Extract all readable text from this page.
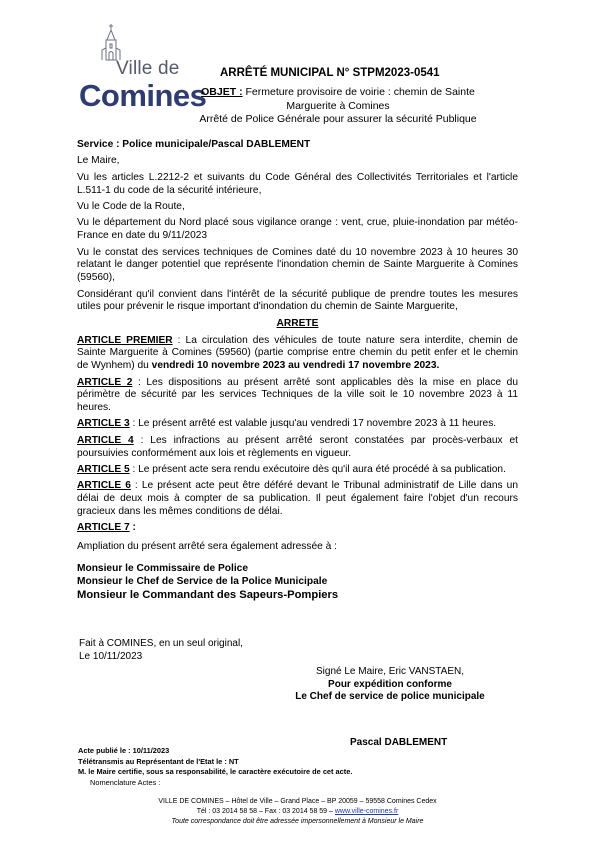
Ville de
Comines
ARRÊTÉ MUNICIPAL N° STPM2023-0541
OBJET : Fermeture provisoire de voirie : chemin de Sainte
Marguerite à Comines
Arrêté de Police Générale pour assurer la sécurité Publique

Service : Police municipale/Pascal DABLEMENT

Le Maire,

Vu les articles L.2212-2 et suivants du Code Général des Collectivités Territoriales et l'article L.511-1 du code de la sécurité intérieure,

Vu le Code de la Route,

Vu le département du Nord placé sous vigilance orange : vent, crue, pluie-inondation par météo-France en date du 9/11/2023

Vu le constat des services techniques de Comines daté du 10 novembre 2023 à 10 heures 30 relatant le danger potentiel que représente l'inondation chemin de Sainte Marguerite à Comines (59560),

Considérant qu'il convient dans l'intérêt de la sécurité publique de prendre toutes les mesures utiles pour prévenir le risque important d'inondation du chemin de Sainte Marguerite,

ARRETE

ARTICLE PREMIER : La circulation des véhicules de toute nature sera interdite, chemin de Sainte Marguerite à Comines (59560) (partie comprise entre chemin du petit enfer et le chemin de Wynhem) du vendredi 10 novembre 2023 au vendredi 17 novembre 2023.

ARTICLE 2 : Les dispositions au présent arrêté sont applicables dès la mise en place du périmètre de sécurité par les services Techniques de la ville soit le 10 novembre 2023 à 11 heures.

ARTICLE 3 : Le présent arrêté est valable jusqu'au vendredi 17 novembre 2023 à 11 heures.

ARTICLE 4 : Les infractions au présent arrêté seront constatées par procès-verbaux et poursuivies conformément aux lois et règlements en vigueur.

ARTICLE 5 : Le présent acte sera rendu exécutoire dès qu'il aura été procédé à sa publication.

ARTICLE 6 : Le présent acte peut être déféré devant le Tribunal administratif de Lille dans un délai de deux mois à compter de sa publication. Il peut également faire l'objet d'un recours gracieux dans les mêmes conditions de délai.

ARTICLE 7 :

Ampliation du présent arrêté sera également adressée à :

Monsieur le Commissaire de Police
Monsieur le Chef de Service de la Police Municipale
Monsieur le Commandant des Sapeurs-Pompiers
Fait à COMINES, en un seul original,
Le 10/11/2023
Signé Le Maire, Eric VANSTAEN,
Pour expédition conforme
Le Chef de service de police municipale
Pascal DABLEMENT
Acte publié le : 10/11/2023
Télétransmis au Représentant de l'Etat le : NT
M. le Maire certifie, sous sa responsabilité, le caractère exécutoire de cet acte.
Nomenclature Actes :
VILLE DE COMINES – Hôtel de Ville – Grand Place – BP 20059 – 59558 Comines Cedex
Tél : 03 2014 58 58 – Fax : 03 2014 58 59 – www.ville-comines.fr
Toute correspondance doit être adressée impersonnellement à Monsieur le Maire
